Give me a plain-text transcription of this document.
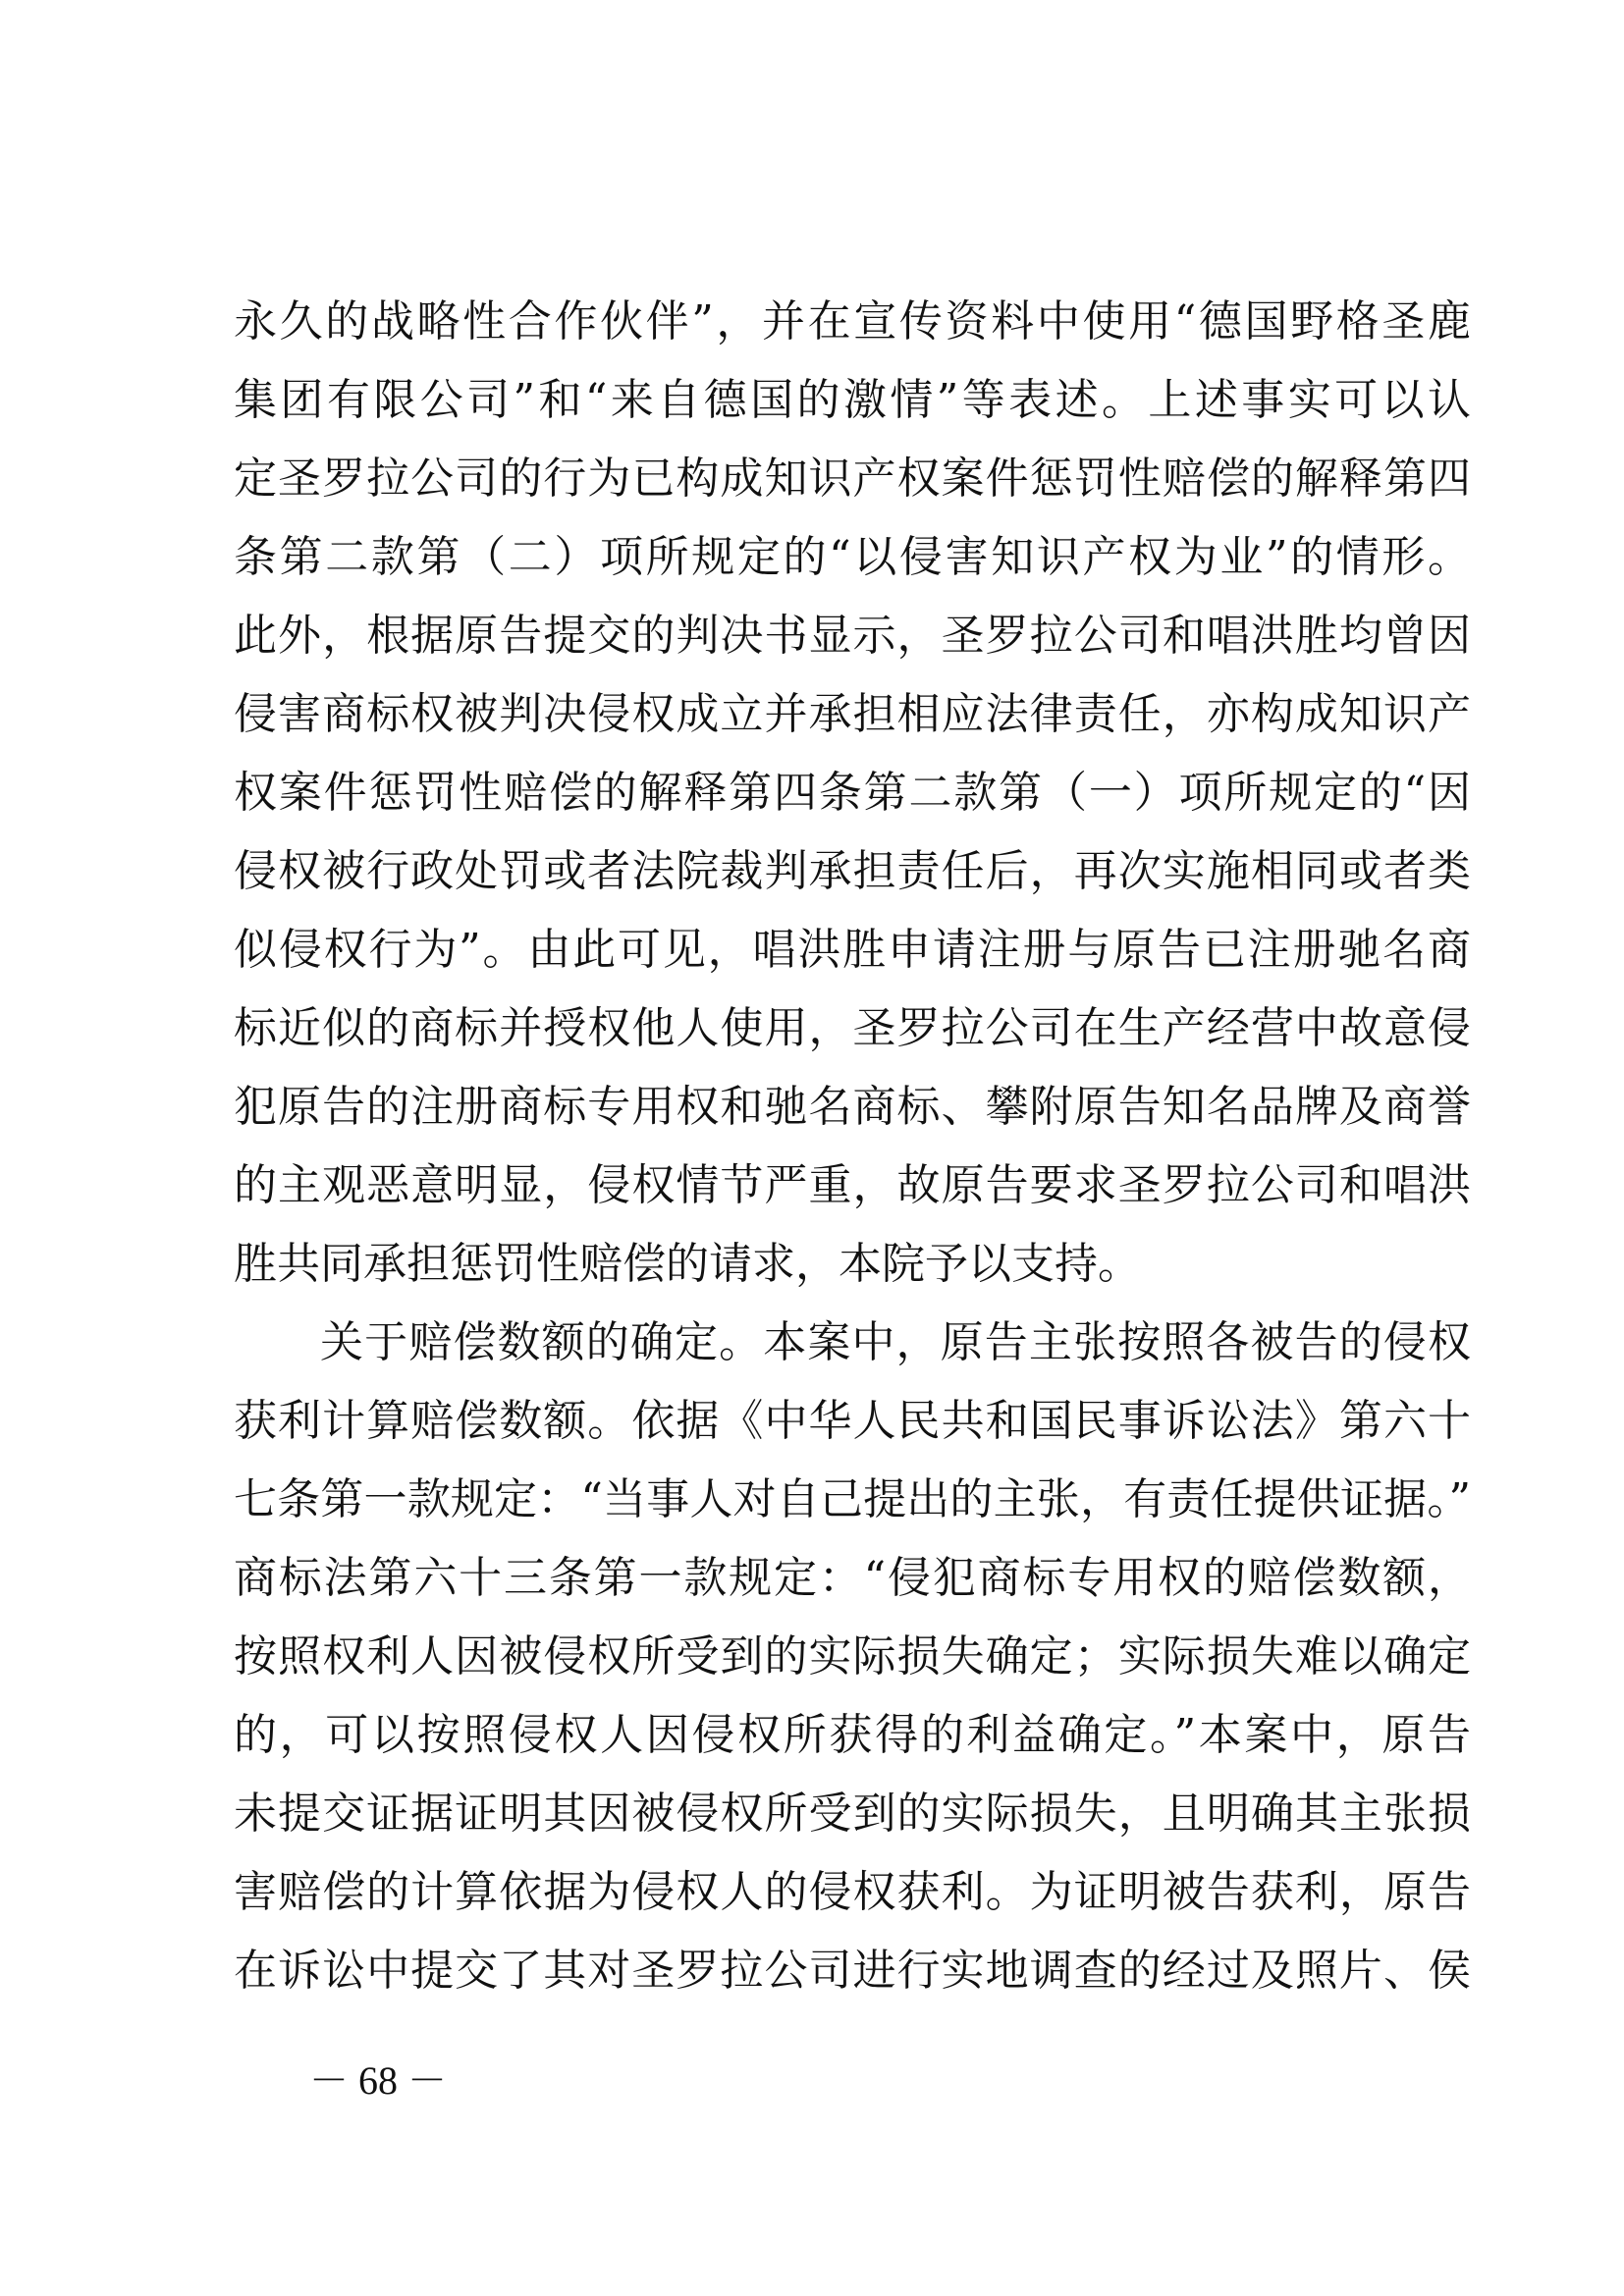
永久的战略性合作伙伴”，并在宣传资料中使用“德国野格圣鹿
集团有限公司”和“来自德国的激情”等表述。上述事实可以认
定圣罗拉公司的行为已构成知识产权案件惩罚性赔偿的解释第四
条第二款第（二）项所规定的“以侵害知识产权为业”的情形。
此外，根据原告提交的判决书显示，圣罗拉公司和唱洪胜均曾因
侵害商标权被判决侵权成立并承担相应法律责任，亦构成知识产
权案件惩罚性赔偿的解释第四条第二款第（一）项所规定的“因
侵权被行政处罚或者法院裁判承担责任后，再次实施相同或者类
似侵权行为”。由此可见，唱洪胜申请注册与原告已注册驰名商
标近似的商标并授权他人使用，圣罗拉公司在生产经营中故意侵
犯原告的注册商标专用权和驰名商标、攀附原告知名品牌及商誉
的主观恶意明显，侵权情节严重，故原告要求圣罗拉公司和唱洪
胜共同承担惩罚性赔偿的请求，本院予以支持。
关于赔偿数额的确定。本案中，原告主张按照各被告的侵权
获利计算赔偿数额。依据《中华人民共和国民事诉讼法》第六十
七条第一款规定：“当事人对自己提出的主张，有责任提供证据。”
商标法第六十三条第一款规定：“侵犯商标专用权的赔偿数额，
按照权利人因被侵权所受到的实际损失确定；实际损失难以确定
的，可以按照侵权人因侵权所获得的利益确定。”本案中，原告
未提交证据证明其因被侵权所受到的实际损失，且明确其主张损
害赔偿的计算依据为侵权人的侵权获利。为证明被告获利，原告
在诉讼中提交了其对圣罗拉公司进行实地调查的经过及照片、侯
－ 68 －
